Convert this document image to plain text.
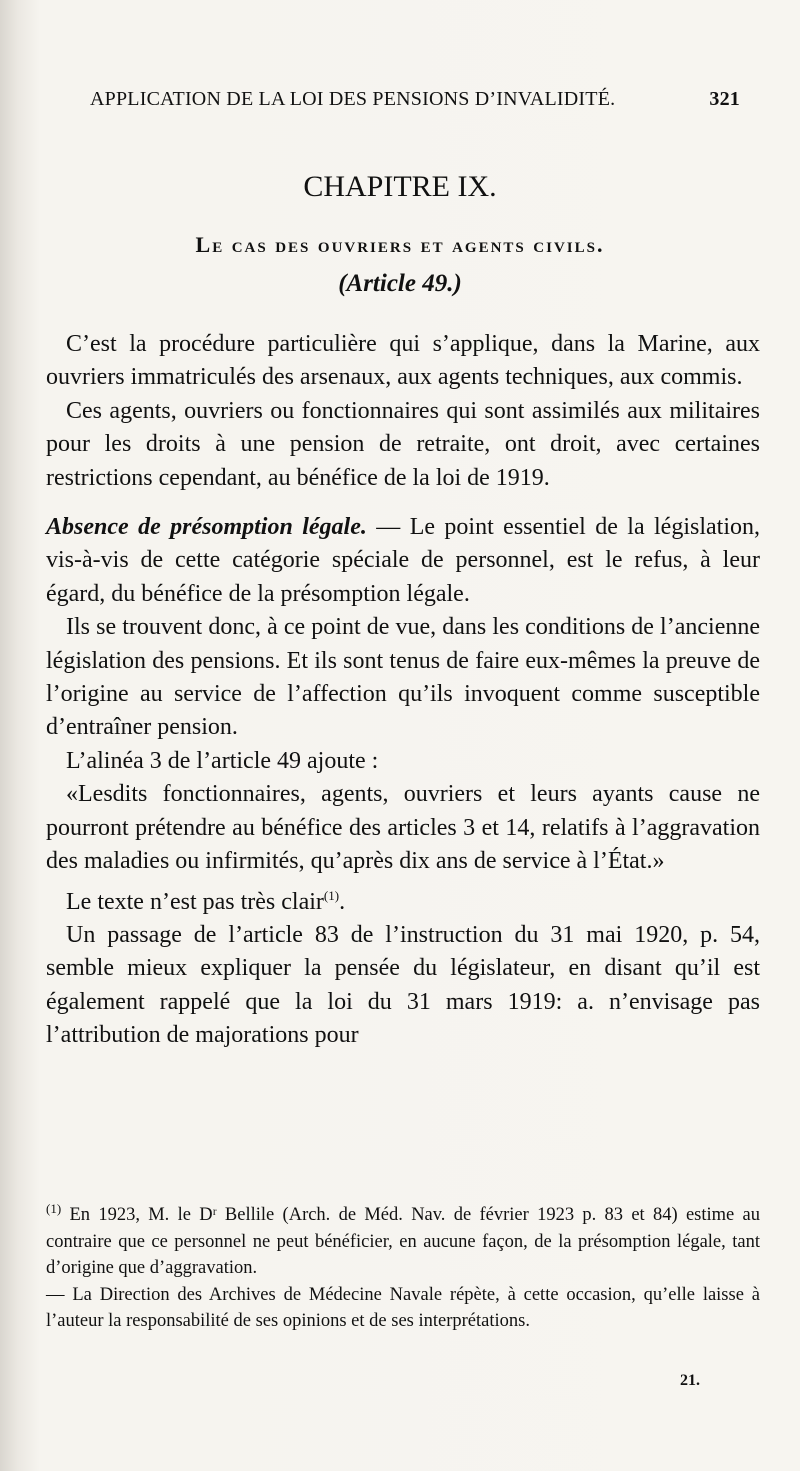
APPLICATION DE LA LOI DES PENSIONS D’INVALIDITÉ.	321
CHAPITRE IX.
Le cas des ouvriers et agents civils.
(Article 49.)

C’est la procédure particulière qui s’applique, dans la Marine, aux ouvriers immatriculés des arsenaux, aux agents techniques, aux commis.

Ces agents, ouvriers ou fonctionnaires qui sont assimilés aux militaires pour les droits à une pension de retraite, ont droit, avec certaines restrictions cependant, au bénéfice de la loi de 1919.

Absence de présomption légale. — Le point essentiel de la législation, vis-à-vis de cette catégorie spéciale de personnel, est le refus, à leur égard, du bénéfice de la présomption légale.

Ils se trouvent donc, à ce point de vue, dans les conditions de l’ancienne législation des pensions. Et ils sont tenus de faire eux-mêmes la preuve de l’origine au service de l’affection qu’ils invoquent comme susceptible d’entraîner pension.

L’alinéa 3 de l’article 49 ajoute :

«Lesdits fonctionnaires, agents, ouvriers et leurs ayants cause ne pourront prétendre au bénéfice des articles 3 et 14, relatifs à l’aggravation des maladies ou infirmités, qu’après dix ans de service à l’État.»

Le texte n’est pas très clair$^{(1)}$.

Un passage de l’article 83 de l’instruction du 31 mai 1920, p. 54, semble mieux expliquer la pensée du législateur, en disant qu’il est également rappelé que la loi du 31 mars 1919: a. n’envisage pas l’attribution de majorations pour

$^{(1)}$ En 1923, M. le Dʳ Bellile (Arch. de Méd. Nav. de février 1923 p. 83 et 84) estime au contraire que ce personnel ne peut bénéficier, en aucune façon, de la présomption légale, tant d’origine que d’aggravation.

— La Direction des Archives de Médecine Navale répète, à cette occasion, qu’elle laisse à l’auteur la responsabilité de ses opinions et de ses interprétations.

21.
